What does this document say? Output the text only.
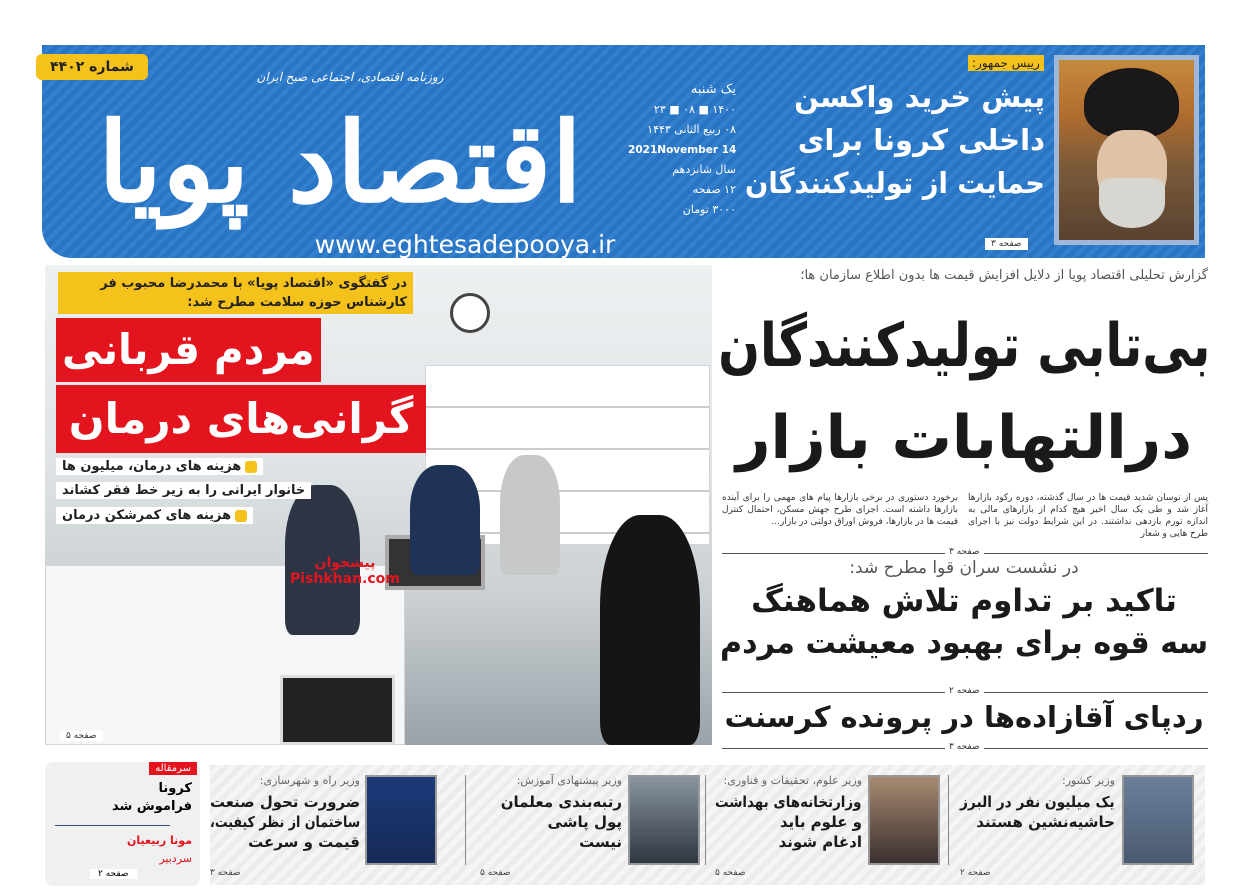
اقتصاد پویا
روزنامه اقتصادی، اجتماعی صبح ایران
www.eghtesadepooya.ir
شماره ۴۴۰۲
یک شنبه
۱۴۰۰ ■ ۰۸ ■ ۲۳
۰۸ ربیع الثانی ۱۴۴۳
2021November 14
سال شانزدهم
۱۲ صفحه
۳۰۰۰ تومان
رییس جمهور:
پیش خرید واکسن
داخلی کرونا برای
حمایت از تولیدکنندگان
صفحه ۳
در گفتگوی «اقتصاد پویا» با محمدرضا محبوب فر کارشناس حوزه سلامت مطرح شد:
مردم قربانی
گرانی‌های درمان
هزینه های درمان، میلیون ها
خانوار ایرانی را به زیر خط فقر کشاند
هزینه های کمرشکن درمان
پیشخوان
Pishkhan.com
صفحه ۵
گزارش تحلیلی اقتصاد پویا از دلایل افزایش قیمت ها بدون اطلاع سازمان ها؛
بی‌تابی تولیدکنندگان
درالتهابات بازار
پس از نوسان شدید قیمت ها در سال گذشته، دوره رکود بازارها آغاز شد و طی یک سال اخیر هیچ کدام از بازارهای مالی به اندازه تورم بازدهی نداشتند. در این شرایط دولت نیز با اجرای طرح هایی و شعار
برخورد دستوری در برخی بازارها پیام های مهمی را برای آینده بازارها داشته است. اجرای طرح جهش مسکن، احتمال کنترل قیمت ها در بازارها، فروش اوراق دولتی در بازار...
صفحه ۳
در نشست سران قوا مطرح شد:
تاکید بر تداوم تلاش هماهنگ
سه قوه برای بهبود معیشت مردم
صفحه ۲
ردپای آقازاده‌ها در پرونده کرسنت
صفحه ۳
وزیر کشور:
یک میلیون نفر در البرز
حاشیه‌نشین هستند
صفحه ۲
وزیر علوم، تحقیقات و فناوری:
وزارتخانه‌های بهداشت
و علوم باید
ادغام شوند
صفحه ۵
وزیر پیشنهادی آموزش:
رتبه‌بندی معلمان
پول پاشی
نیست
صفحه ۵
وزیر راه و شهرسازی:
ضرورت تحول صنعت
ساختمان از نظر کیفیت،
قیمت و سرعت
صفحه ۳
سرمقاله
کرونا
فراموش شد
مونا ربیعیان
سردبیر
صفحه ۲
